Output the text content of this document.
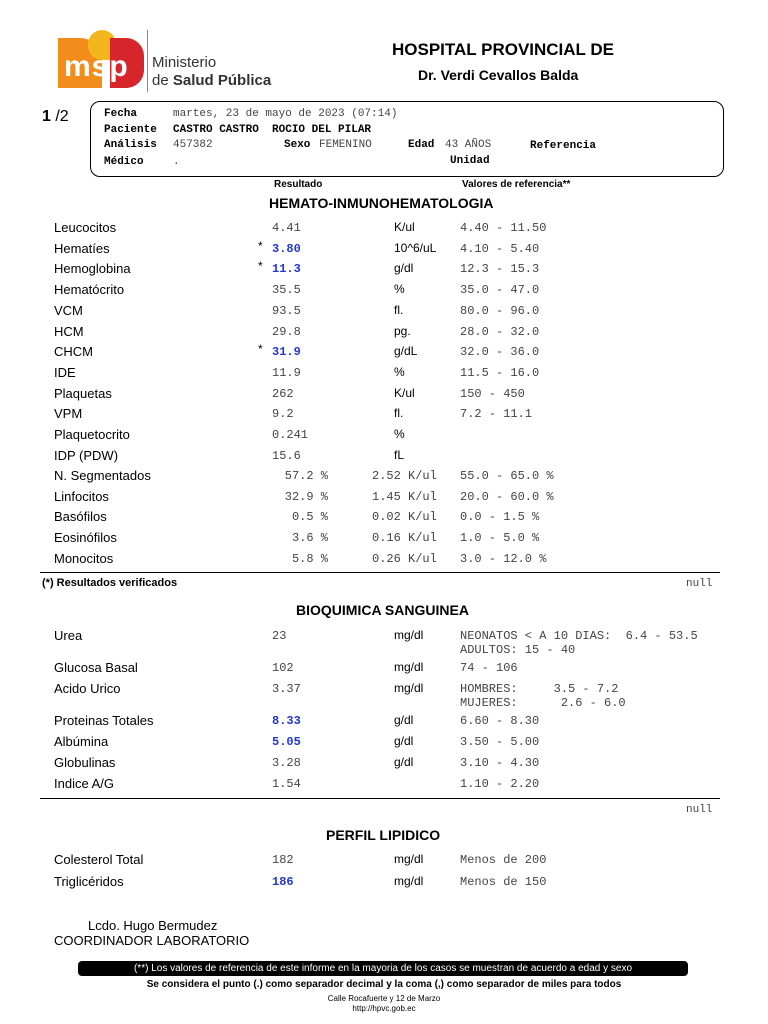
msp	Ministerio
de Salud Pública
HOSPITAL PROVINCIAL DE
Dr. Verdi Cevallos Balda
1 /2	Fecha	martes, 23 de mayo de 2023 (07:14)
Paciente CASTRO CASTRO  ROCIO DEL PILAR
Análisis 457382	Sexo FEMENINO	Edad 43 AÑOS	Referencia
Médico	.	Unidad
Resultado	Valores de referencia**
HEMATO-INMUNOHEMATOLOGIA
Leucocitos	4.41	K/ul	4.40 - 11.50
Hematíes	* 3.80	10^6/uL 4.10 - 5.40
Hemoglobina	* 11.3	g/dl	12.3 - 15.3
Hematócrito	35.5	%	35.0 - 47.0
VCM	93.5	fl.	80.0 - 96.0
HCM	29.8	pg.	28.0 - 32.0
CHCM	* 31.9	g/dL	32.0 - 36.0
IDE	11.9	%	11.5 - 16.0
Plaquetas	262	K/ul	150 - 450
VPM	9.2	fl.	7.2 - 11.1
Plaquetocrito	0.241	%
IDP (PDW)	15.6	fL
N. Segmentados	57.2 %	2.52 K/ul 55.0 - 65.0 %
Linfocitos	32.9 %	1.45 K/ul 20.0 - 60.0 %
Basófilos	0.5 %	0.02 K/ul 0.0 - 1.5 %
Eosinófilos	3.6 %	0.16 K/ul 1.0 - 5.0 %
Monocitos	5.8 %	0.26 K/ul 3.0 - 12.0 %
(*) Resultados verificados	null
BIOQUIMICA SANGUINEA
Urea	23	mg/dl	NEONATOS < A 10 DIAS:  6.4 - 53.5
ADULTOS: 15 - 40
Glucosa Basal	102	mg/dl	74 - 106
Acido Urico	3.37	mg/dl	HOMBRES:     3.5 - 7.2
MUJERES:      2.6 - 6.0
Proteinas Totales	8.33	g/dl	6.60 - 8.30
Albúmina	5.05	g/dl	3.50 - 5.00
Globulinas	3.28	g/dl	3.10 - 4.30
Indice A/G	1.54	1.10 - 2.20
null
PERFIL LIPIDICO
Colesterol Total	182	mg/dl	Menos de 200
Triglicéridos	186	mg/dl	Menos de 150
Lcdo. Hugo Bermudez
COORDINADOR LABORATORIO
(**) Los valores de referencia de este informe en la mayoria de los casos se muestran de acuerdo a edad y sexo
Se considera el punto (.) como separador decimal y la coma (,) como separador de miles para todos
Calle Rocafuerte y 12 de Marzo
http://hpvc.gob.ec
